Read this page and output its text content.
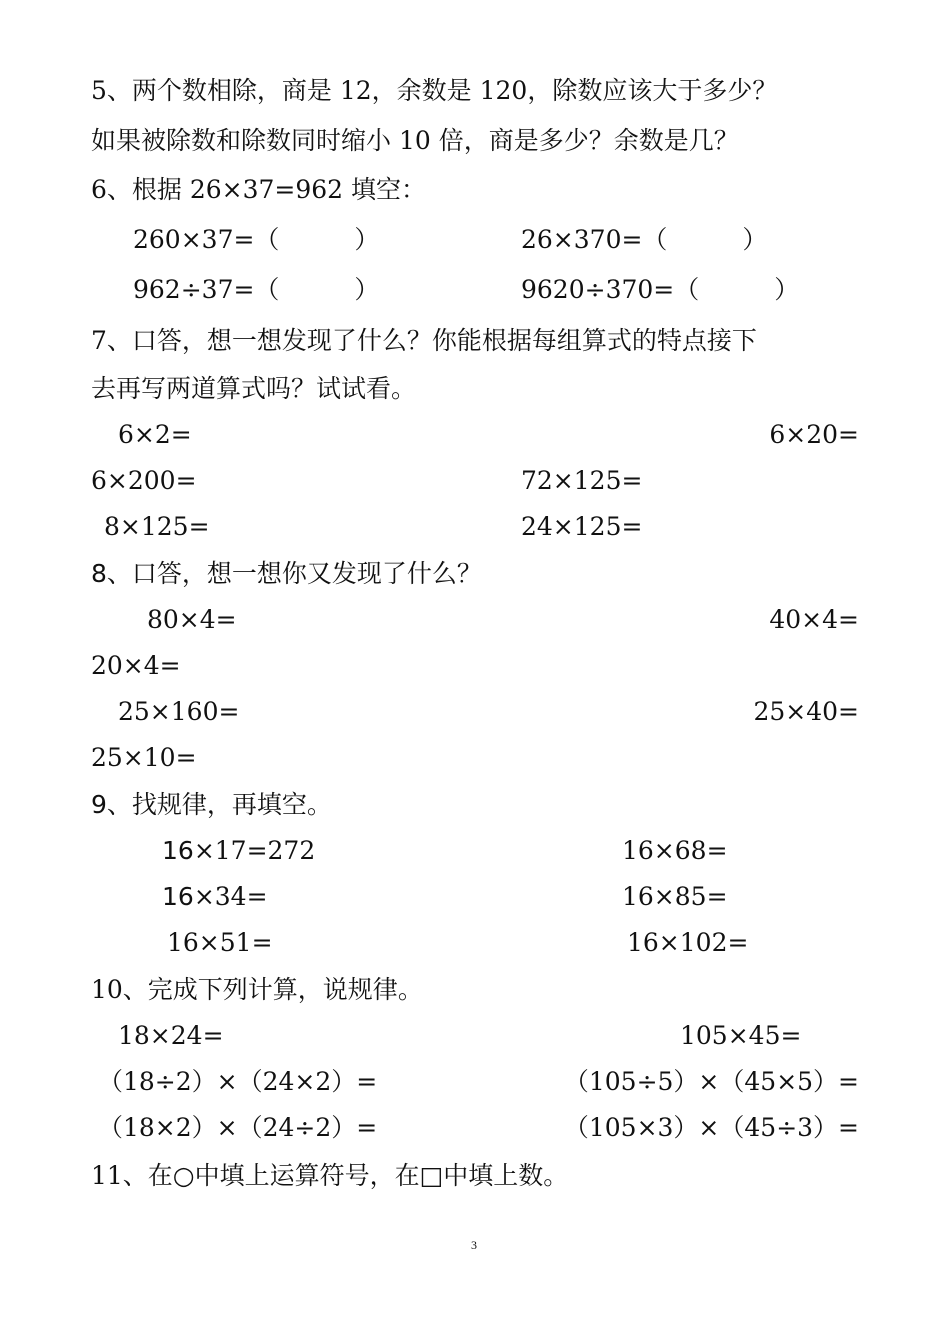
5、两个数相除，商是 12，余数是 120，除数应该大于多少？
如果被除数和除数同时缩小 10 倍，商是多少？余数是几？
6、根据 26×37=962 填空：
260×37=（　　　）	26×370=（　　　）
962÷37=（　　　）	9620÷370=（　　　）
7、口答，想一想发现了什么？你能根据每组算式的特点接下
去再写两道算式吗？试试看。
6×2=	6×20=
6×200=	72×125=
8×125=	24×125=
8、口答，想一想你又发现了什么？
80×4=	40×4=
20×4=
25×160=	25×40=
25×10=
9、找规律，再填空。
16×17=272	16×68=
16×34=	16×85=
16×51=	16×102=
10、完成下列计算，说规律。
18×24=	105×45=
（18÷2）×（24×2）=	（105÷5）×（45×5）=
（18×2）×（24÷2）=	（105×3）×（45÷3）=
11、在○中填上运算符号，在□中填上数。
3
